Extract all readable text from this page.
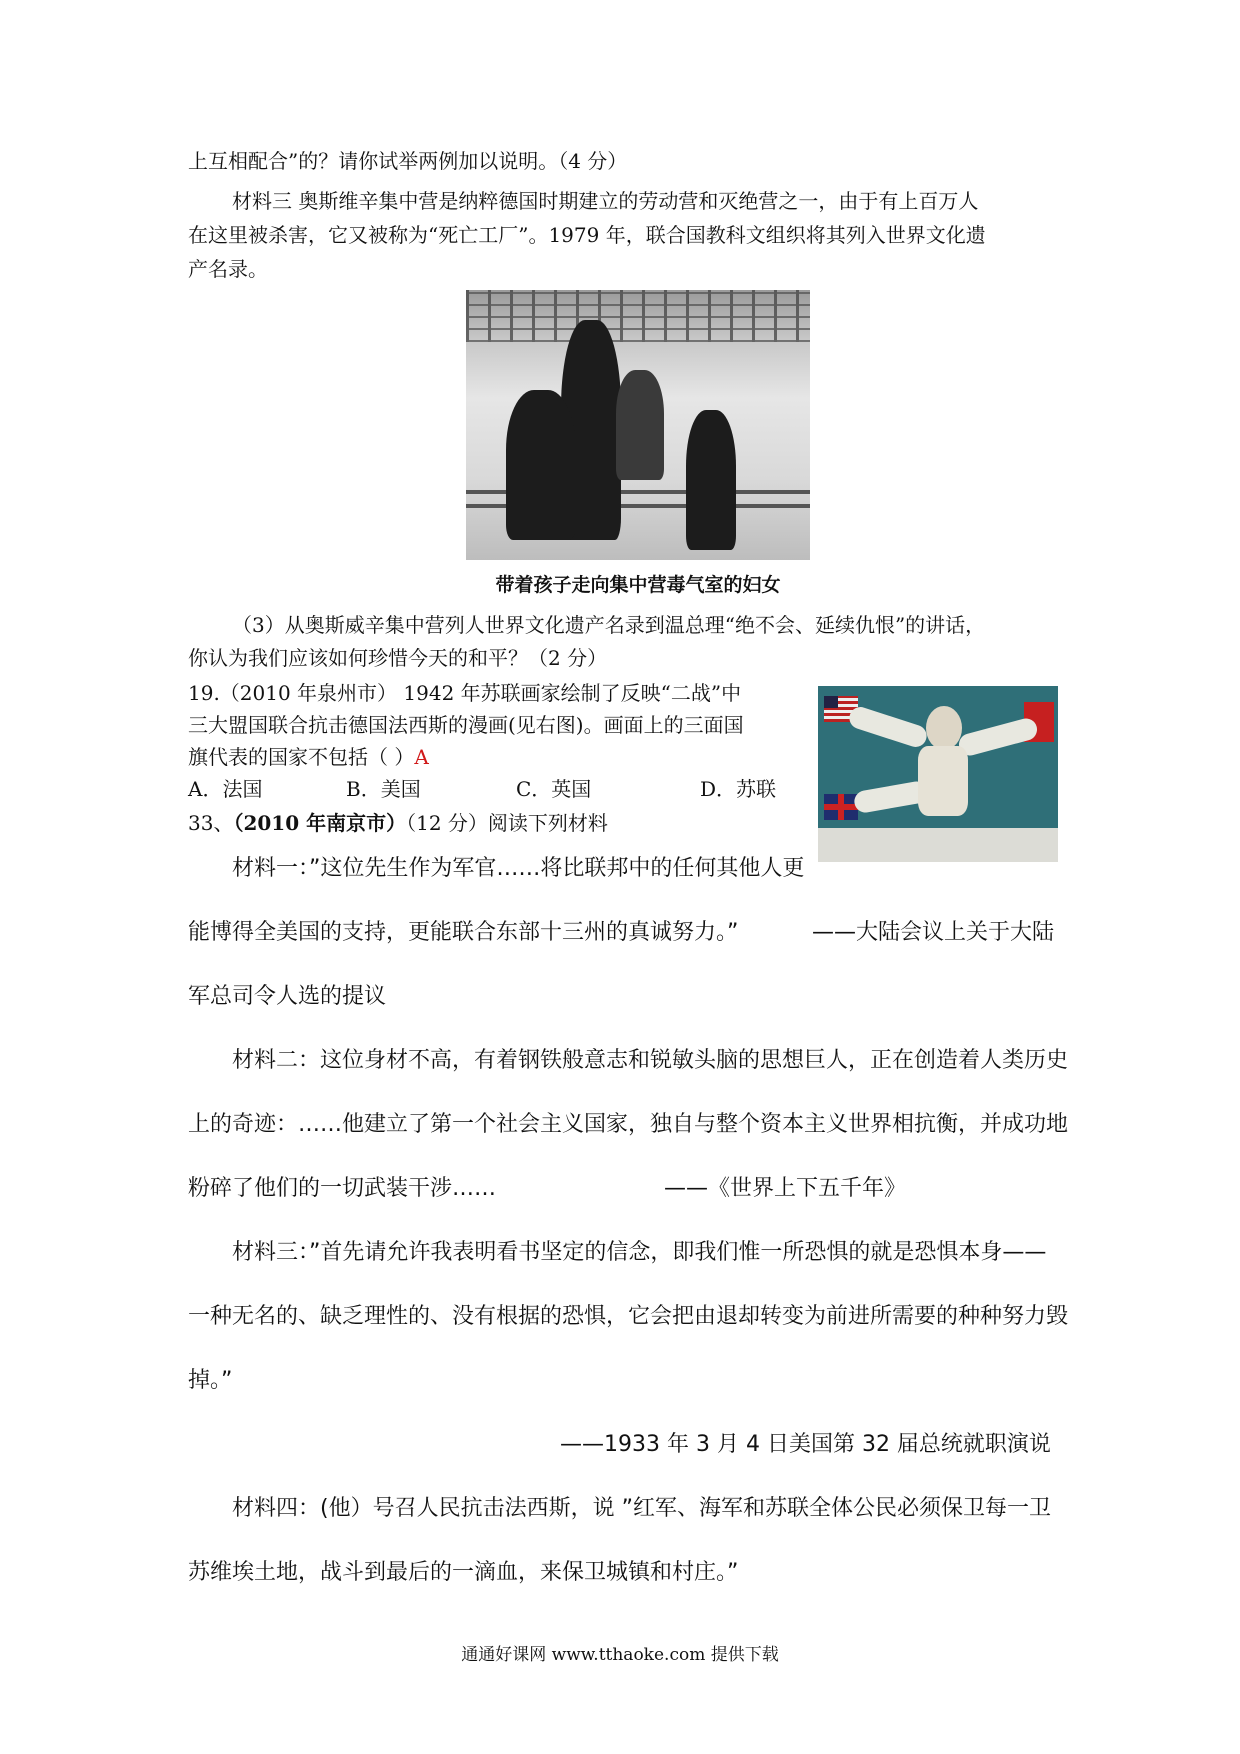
上互相配合”的？请你试举两例加以说明。（4 分）
材料三 奥斯维辛集中营是纳粹德国时期建立的劳动营和灭绝营之一，由于有上百万人
在这里被杀害，它又被称为“死亡工厂”。1979 年，联合国教科文组织将其列入世界文化遗
产名录。
带着孩子走向集中营毒气室的妇女
（3）从奥斯威辛集中营列人世界文化遗产名录到温总理“绝不会、延续仇恨”的讲话，
你认为我们应该如何珍惜今天的和平？（2 分）
19.（2010 年泉州市） 1942 年苏联画家绘制了反映“二战”中
三大盟国联合抗击德国法西斯的漫画(见右图)。画面上的三面国
旗代表的国家不包括（ ）A
A．法国	B．美国	C．英国	D．苏联
33、（2010 年南京市）（12 分）阅读下列材料
材料一：”这位先生作为军官……将比联邦中的任何其他人更
能博得全美国的支持，更能联合东部十三州的真诚努力。”	——大陆会议上关于大陆
军总司令人选的提议
材料二：这位身材不高，有着钢铁般意志和锐敏头脑的思想巨人，正在创造着人类历史
上的奇迹：……他建立了第一个社会主义国家，独自与整个资本主义世界相抗衡，并成功地
粉碎了他们的一切武装干涉……	——《世界上下五千年》
材料三：”首先请允许我表明看书坚定的信念，即我们惟一所恐惧的就是恐惧本身——
一种无名的、缺乏理性的、没有根据的恐惧，它会把由退却转变为前进所需要的种种努力毁
掉。”
——1933 年 3 月 4 日美国第 32 届总统就职演说
材料四：(他）号召人民抗击法西斯，说 ”红军、海军和苏联全体公民必须保卫每一卫
苏维埃土地，战斗到最后的一滴血，来保卫城镇和村庄。”
通通好课网 www.tthaoke.com 提供下载
